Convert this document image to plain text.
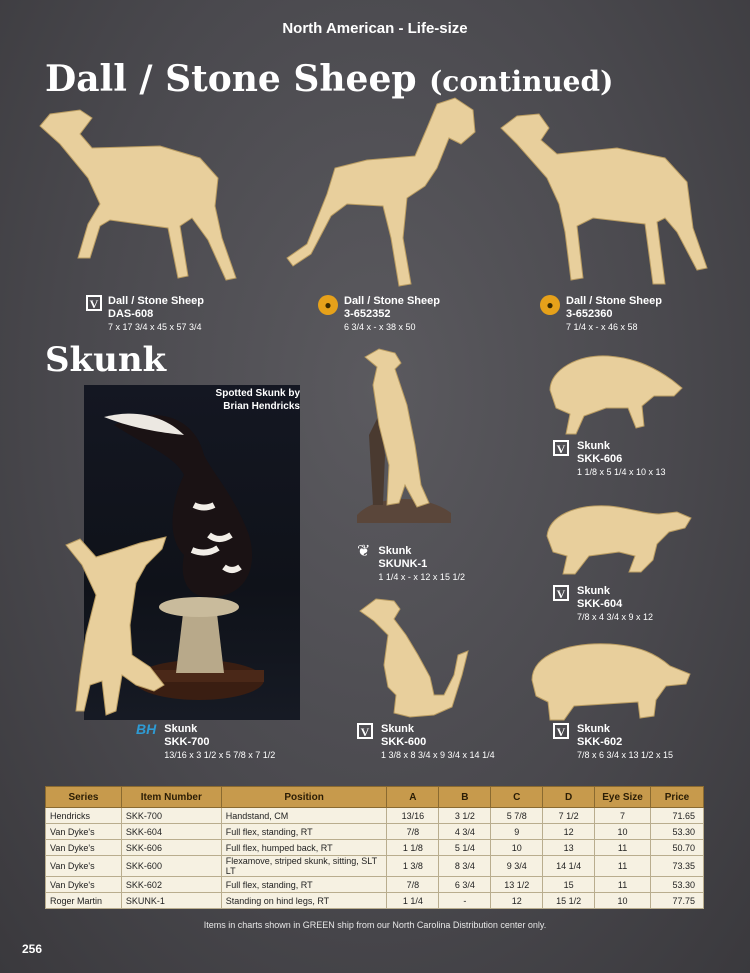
North American - Life-size
Dall / Stone Sheep (continued)
V Dall / Stone Sheep
DAS-608
7 x 17 3/4 x 45 x 57 3/4
●	Dall / Stone Sheep
3-652352
6 3/4 x - x 38 x 50
●	Dall / Stone Sheep
3-652360
7 1/4 x - x 46 x 58
Skunk
Spotted Skunk by
Brian Hendricks
BH Skunk
SKK-700
13/16 x 3 1/2 x 5 7/8 x 7 1/2
❦ Skunk
SKUNK-1
1 1/4 x - x 12 x 15 1/2
V	Skunk
SKK-600
1 3/8 x 8 3/4 x 9 3/4 x 14 1/4
V	Skunk
SKK-606
1 1/8 x 5 1/4 x 10 x 13
V	Skunk
SKK-604
7/8 x 4 3/4 x 9 x 12
V	Skunk
SKK-602
7/8 x 6 3/4 x 13 1/2 x 15
Series	Item Number	Position	A	B	C	D	Eye Size	Price
Hendricks	SKK-700	Handstand, CM	13/16	3 1/2	5 7/8	7 1/2	7	71.65
Van Dyke's	SKK-604	Full flex, standing, RT	7/8	4 3/4	9	12	10	53.30
Van Dyke's	SKK-606	Full flex, humped back, RT	1 1/8	5 1/4	10	13	11	50.70
Van Dyke's	SKK-600	Flexamove, striped skunk, sitting, SLT LT	1 3/8	8 3/4	9 3/4	14 1/4	11	73.35
Van Dyke's	SKK-602	Full flex, standing, RT	7/8	6 3/4	13 1/2	15	11	53.30
Roger Martin	SKUNK-1	Standing on hind legs, RT	1 1/4	-	12	15 1/2	10	77.75
Items in charts shown in GREEN ship from our North Carolina Distribution center only.
256
